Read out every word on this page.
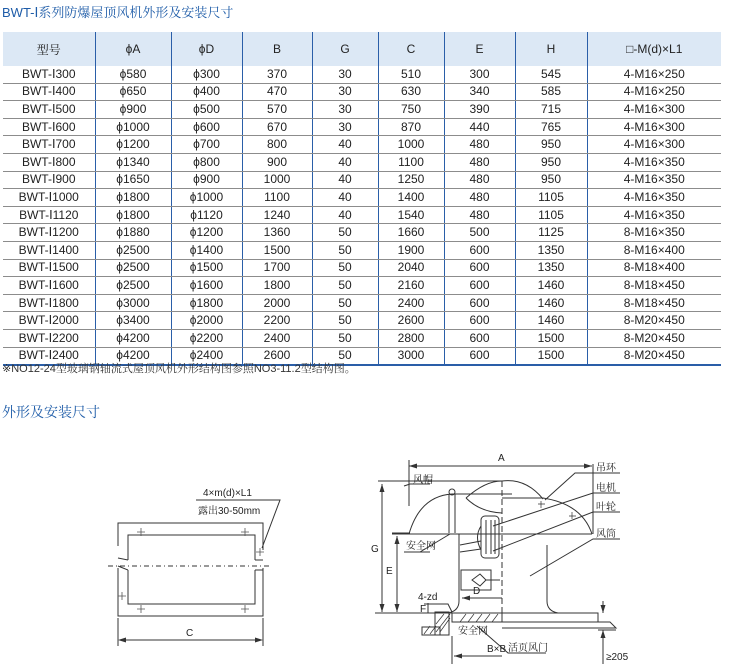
BWT-Ⅰ系列防爆屋顶风机外形及安装尺寸
型号	ϕA	ϕD	B	G	C	E	H	□-M(d)×L1
BWT-Ⅰ300	ϕ580	ϕ300	370	30	510	300	545	4-M16×250
BWT-Ⅰ400	ϕ650	ϕ400	470	30	630	340	585	4-M16×250
BWT-Ⅰ500	ϕ900	ϕ500	570	30	750	390	715	4-M16×300
BWT-Ⅰ600	ϕ1000	ϕ600	670	30	870	440	765	4-M16×300
BWT-Ⅰ700	ϕ1200	ϕ700	800	40	1000	480	950	4-M16×300
BWT-Ⅰ800	ϕ1340	ϕ800	900	40	1100	480	950	4-M16×350
BWT-Ⅰ900	ϕ1650	ϕ900	1000	40	1250	480	950	4-M16×350
BWT-Ⅰ1000	ϕ1800	ϕ1000	1100	40	1400	480	1105	4-M16×350
BWT-Ⅰ1120	ϕ1800	ϕ1120	1240	40	1540	480	1105	4-M16×350
BWT-Ⅰ1200	ϕ1880	ϕ1200	1360	50	1660	500	1125	8-M16×350
BWT-Ⅰ1400	ϕ2500	ϕ1400	1500	50	1900	600	1350	8-M16×400
BWT-Ⅰ1500	ϕ2500	ϕ1500	1700	50	2040	600	1350	8-M18×400
BWT-Ⅰ1600	ϕ2500	ϕ1600	1800	50	2160	600	1460	8-M18×450
BWT-Ⅰ1800	ϕ3000	ϕ1800	2000	50	2400	600	1460	8-M18×450
BWT-Ⅰ2000	ϕ3400	ϕ2000	2200	50	2600	600	1460	8-M20×450
BWT-Ⅰ2200	ϕ4200	ϕ2200	2400	50	2800	600	1500	8-M20×450
BWT-Ⅰ2400	ϕ4200	ϕ2400	2600	50	3000	600	1500	8-M20×450
※NO12-24型玻璃钢轴流式屋顶风机外形结构图参照NO3-11.2型结构图。
外形及安装尺寸
4×m(d)×L1
露出30-50mm
C
A
G
E
F
D
B×B
≥205
4-zd
风帽
吊环
电机
叶轮
风筒
安全网
安全网
活页风门
